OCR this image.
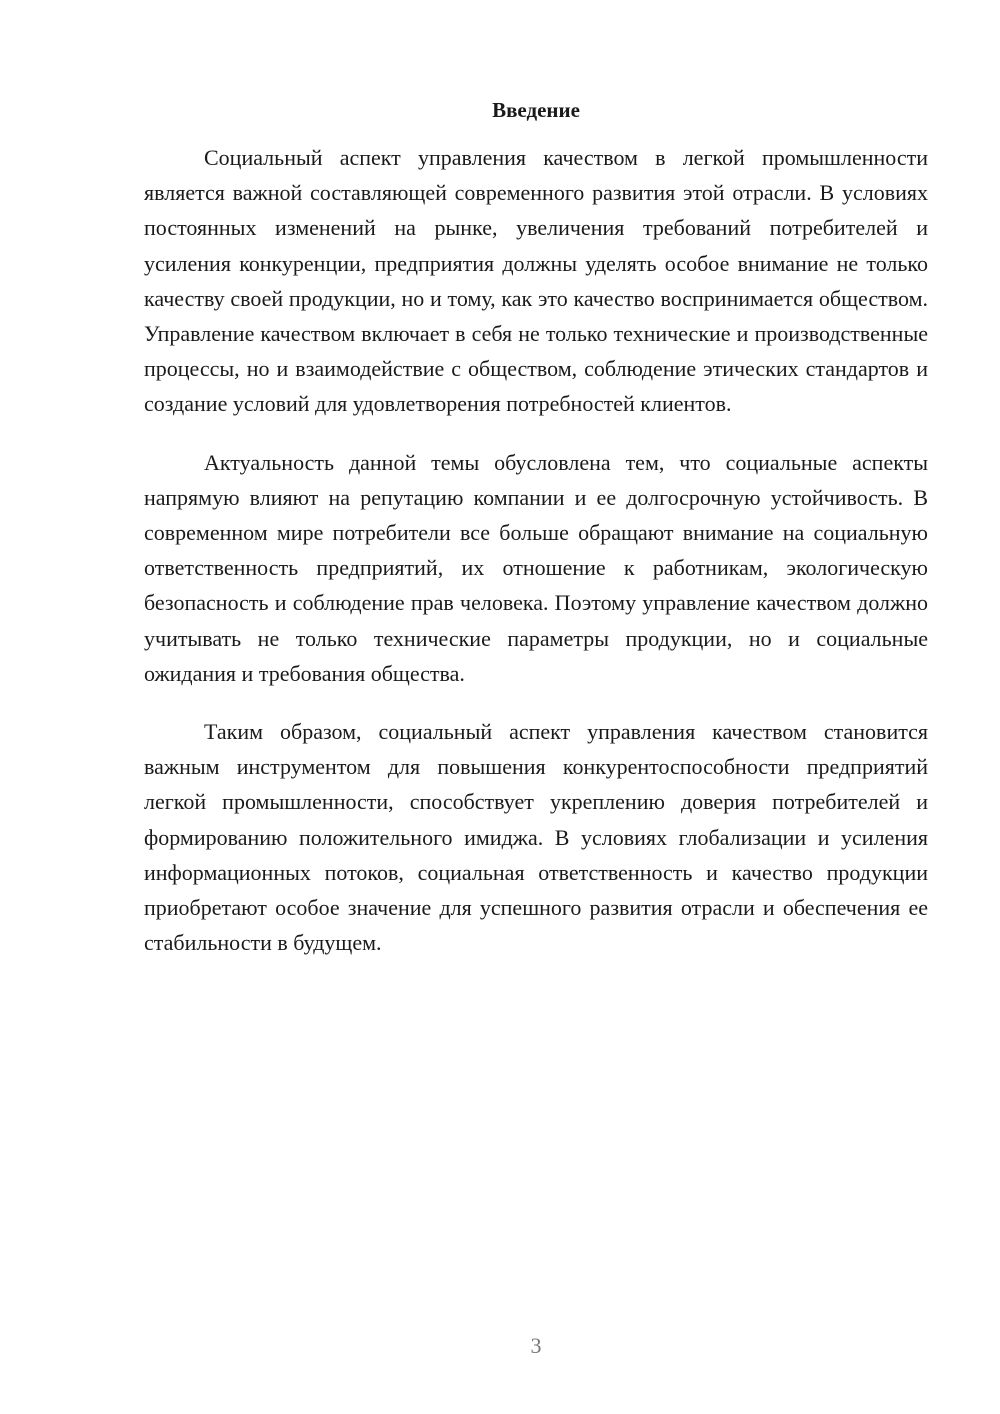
Введение

Социальный аспект управления качеством в легкой промышленности является важной составляющей современного развития этой отрасли. В условиях постоянных изменений на рынке, увеличения требований потребителей и усиления конкуренции, предприятия должны уделять особое внимание не только качеству своей продукции, но и тому, как это качество воспринимается обществом. Управление качеством включает в себя не только технические и производственные процессы, но и взаимодействие с обществом, соблюдение этических стандартов и создание условий для удовлетворения потребностей клиентов.

Актуальность данной темы обусловлена тем, что социальные аспекты напрямую влияют на репутацию компании и ее долгосрочную устойчивость. В современном мире потребители все больше обращают внимание на социальную ответственность предприятий, их отношение к работникам, экологическую безопасность и соблюдение прав человека. Поэтому управление качеством должно учитывать не только технические параметры продукции, но и социальные ожидания и требования общества.

Таким образом, социальный аспект управления качеством становится важным инструментом для повышения конкурентоспособности предприятий легкой промышленности, способствует укреплению доверия потребителей и формированию положительного имиджа. В условиях глобализации и усиления информационных потоков, социальная ответственность и качество продукции приобретают особое значение для успешного развития отрасли и обеспечения ее стабильности в будущем.

3
